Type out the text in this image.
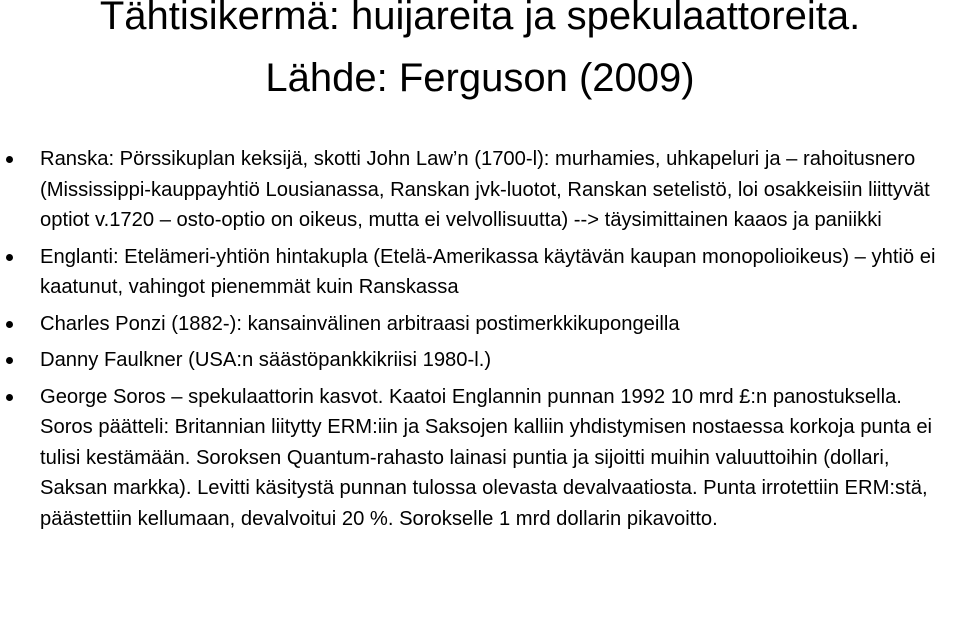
Tähtisikermä: huijareita ja spekulaattoreita.
Lähde: Ferguson (2009)
Ranska: Pörssikuplan keksijä, skotti John Law’n (1700-l): murhamies, uhkapeluri ja – rahoitusnero (Mississippi-kauppayhtiö Lousianassa, Ranskan jvk-luotot, Ranskan setelistö, loi osakkeisiin liittyvät optiot v.1720 – osto-optio on oikeus, mutta ei velvollisuutta) --> täysimittainen kaaos ja paniikki
Englanti: Etelämeri-yhtiön hintakupla (Etelä-Amerikassa käytävän kaupan monopolioikeus) – yhtiö ei kaatunut, vahingot pienemmät kuin Ranskassa
Charles Ponzi (1882-): kansainvälinen arbitraasi postimerkkikupongeilla
Danny Faulkner (USA:n säästöpankkikriisi 1980-l.)
George Soros – spekulaattorin kasvot. Kaatoi Englannin punnan 1992 10 mrd £:n panostuksella. Soros päätteli: Britannian liitytty ERM:iin ja Saksojen kalliin yhdistymisen nostaessa korkoja punta ei tulisi kestämään. Soroksen Quantum-rahasto lainasi puntia ja sijoitti muihin valuuttoihin (dollari, Saksan markka). Levitti käsitystä punnan tulossa olevasta devalvaatiosta. Punta irrotettiin ERM:stä, päästettiin kellumaan, devalvoitui 20 %. Sorokselle 1 mrd dollarin pikavoitto.
